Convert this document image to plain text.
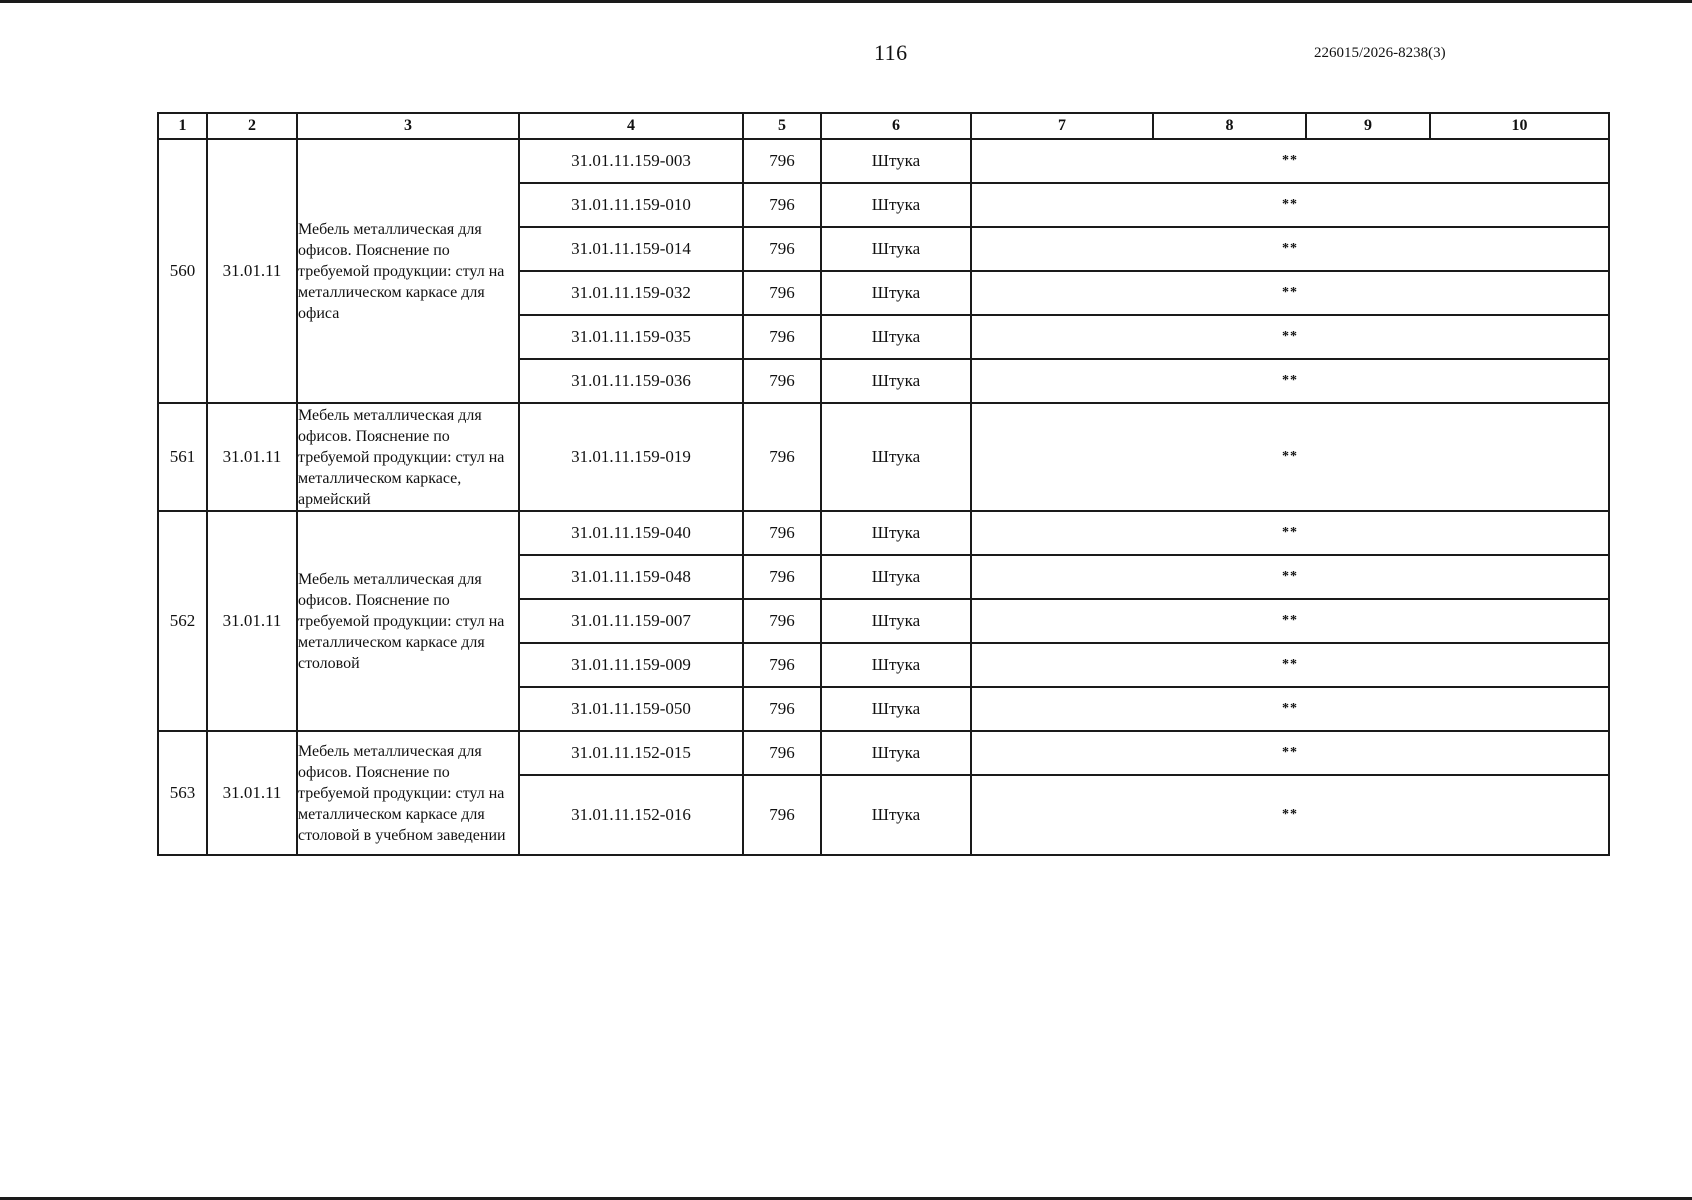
116	226015/2026-8238(3)
1	2	3	4	5	6	7	8	9	10
560	31.01.11	Мебель металлическая для офисов. Пояснение по требуемой продукции: стул на металлическом каркасе для офиса	31.01.11.159-003	796	Штука	**			
			31.01.11.159-010	796	Штука	**			
			31.01.11.159-014	796	Штука	**			
			31.01.11.159-032	796	Штука	**			
			31.01.11.159-035	796	Штука	**			
			31.01.11.159-036	796	Штука	**			
561	31.01.11	Мебель металлическая для офисов. Пояснение по требуемой продукции: стул на металлическом каркасе, армейский	31.01.11.159-019	796	Штука	**			
562	31.01.11	Мебель металлическая для офисов. Пояснение по требуемой продукции: стул на металлическом каркасе для столовой	31.01.11.159-040	796	Штука	**			
			31.01.11.159-048	796	Штука	**			
			31.01.11.159-007	796	Штука	**			
			31.01.11.159-009	796	Штука	**			
			31.01.11.159-050	796	Штука	**			
563	31.01.11	Мебель металлическая для офисов. Пояснение по требуемой продукции: стул на металлическом каркасе для столовой в учебном заведении	31.01.11.152-015	796	Штука	**			
			31.01.11.152-016	796	Штука	**			
